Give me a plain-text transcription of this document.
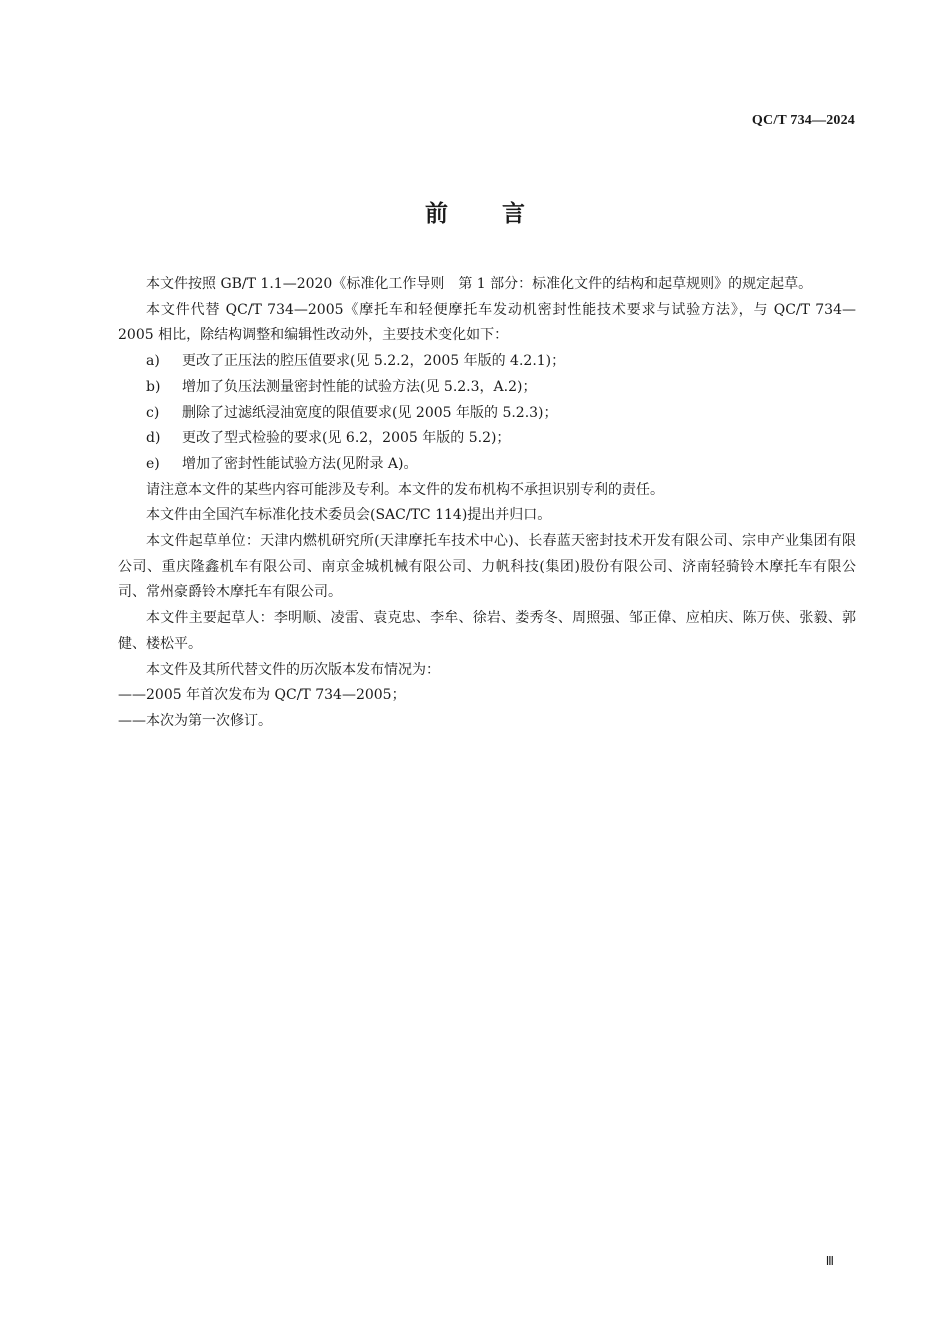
QC/T 734—2024
前言

本文件按照 GB/T 1.1—2020《标准化工作导则　第 1 部分：标准化文件的结构和起草规则》的规定起草。

本文件代替 QC/T 734—2005《摩托车和轻便摩托车发动机密封性能技术要求与试验方法》，与 QC/T 734—2005 相比，除结构调整和编辑性改动外，主要技术变化如下：

a) 更改了正压法的腔压值要求(见 5.2.2，2005 年版的 4.2.1)；

b) 增加了负压法测量密封性能的试验方法(见 5.2.3，A.2)；

c) 删除了过滤纸浸油宽度的限值要求(见 2005 年版的 5.2.3)；

d) 更改了型式检验的要求(见 6.2，2005 年版的 5.2)；

e) 增加了密封性能试验方法(见附录 A)。

请注意本文件的某些内容可能涉及专利。本文件的发布机构不承担识别专利的责任。

本文件由全国汽车标准化技术委员会(SAC/TC 114)提出并归口。

本文件起草单位：天津内燃机研究所(天津摩托车技术中心)、长春蓝天密封技术开发有限公司、宗申产业集团有限公司、重庆隆鑫机车有限公司、南京金城机械有限公司、力帆科技(集团)股份有限公司、济南轻骑铃木摩托车有限公司、常州豪爵铃木摩托车有限公司。

本文件主要起草人：李明顺、凌雷、袁克忠、李牟、徐岩、娄秀冬、周照强、邹正偉、应柏庆、陈万侠、张毅、郭健、楼松平。

本文件及其所代替文件的历次版本发布情况为：

——2005 年首次发布为 QC/T 734—2005；

——本次为第一次修订。

Ⅲ
